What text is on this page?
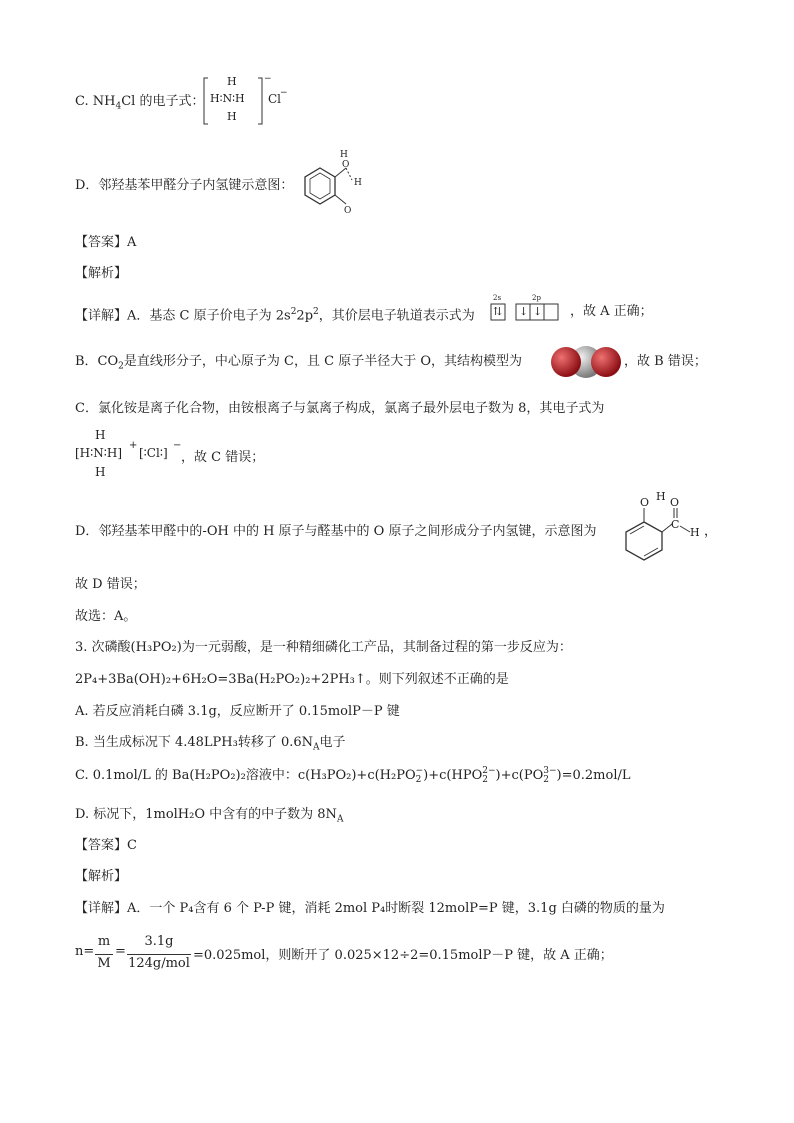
C. $NH_4Cl$ 的电子式：
H
H∶N∶H
H
−
Cl
−
D．邻羟基苯甲醛分子内氢键示意图：
H
O
H
O
【答案】A
【解析】
【详解】A．基态 C 原子价电子为 $2s^22p^2$，其价层电子轨道表示式为
2s	2p
⇅ ↓ ↓ ，故 A 正确；
B．$CO_2$是直线形分子，中心原子为 C，且 C 原子半径大于 O，其结构模型为	，故 B 错误；
C．氯化铵是离子化合物，由铵根离子与氯离子构成，氯离子最外层电子数为 8，其电子式为
H
[H∶N∶H]
H
+
[∶Cl∶]
−
，故 C 错误；
D．邻羟基苯甲醛中的-OH 中的 H 原子与醛基中的 O 原子之间形成分子内氢键，示意图为
O H O
C
H ，
故 D 错误；
故选：A。
3. 次磷酸(H₃PO₂)为一元弱酸，是一种精细磷化工产品，其制备过程的第一步反应为：
2P₄+3Ba(OH)₂+6H₂O=3Ba(H₂PO₂)₂+2PH₃↑。则下列叙述不正确的是
A. 若反应消耗白磷 3.1g，反应断开了 0.15molP－P 键
B. 当生成标况下 4.48LPH₃转移了 $0.6N_A$电子
C. 0.1mol/L 的 Ba(H₂PO₂)₂溶液中：c(H₃PO₂)+c(H₂PO −
2 )+c(HPO 2−
2 )+c(PO 3−
2 )=0.2mol/L
D. 标况下，1molH₂O 中含有的中子数为 $8N_A$
【答案】C
【解析】
【详解】A．一个 P₄含有 6 个 P-P 键，消耗 2mol P₄时断裂 12molP=P 键，3.1g 白磷的物质的量为
n=
m
M
=
3.1g
124g/mol
=0.025mol，则断开了 0.025×12÷2=0.15molP－P 键，故 A 正确；
